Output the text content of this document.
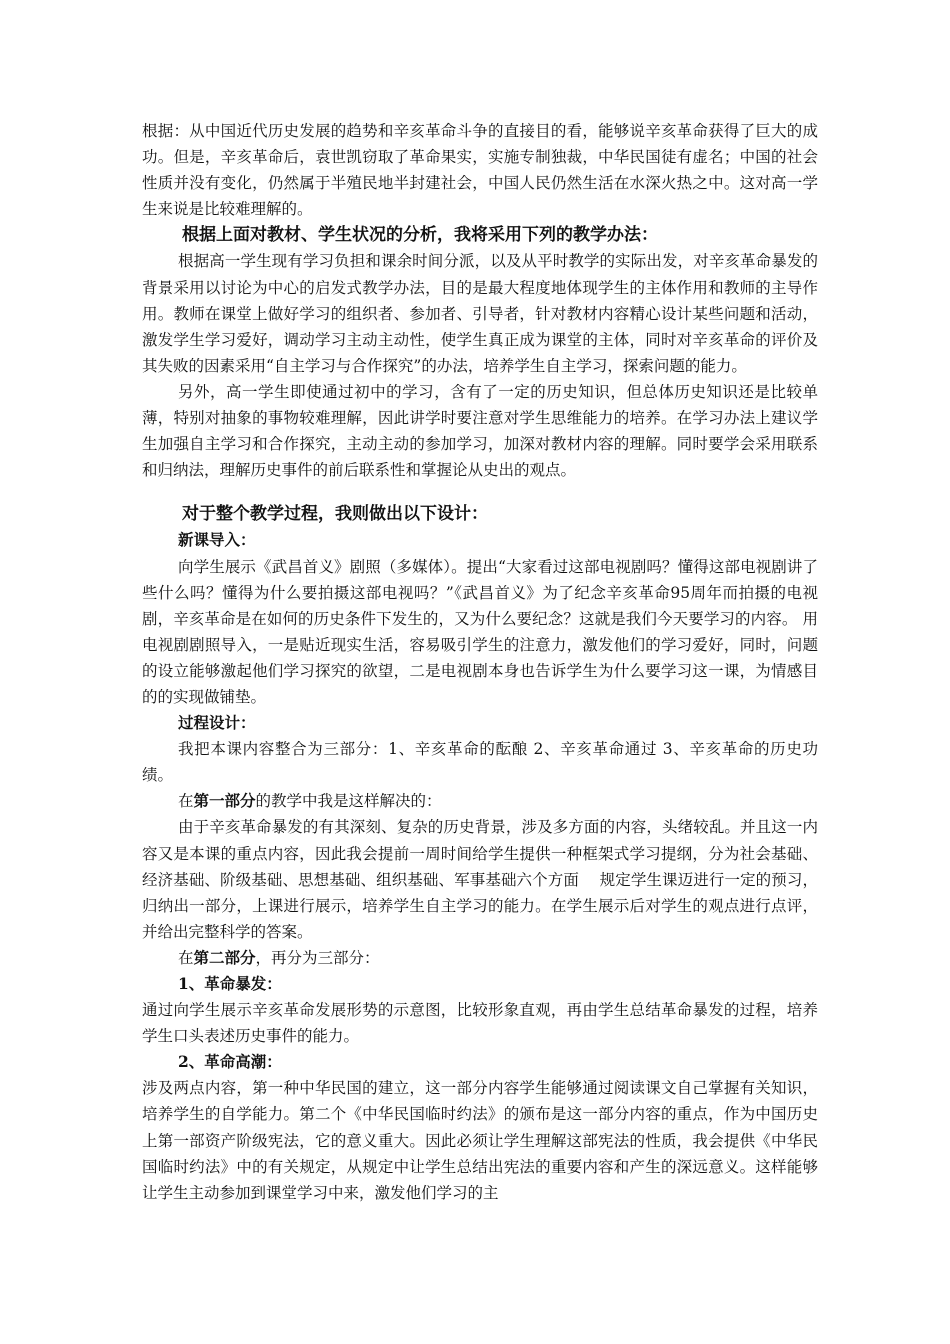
根据：从中国近代历史发展的趋势和辛亥革命斗争的直接目的看，能够说辛亥革命获得了巨大的成功。但是，辛亥革命后，袁世凯窃取了革命果实，实施专制独裁，中华民国徒有虚名；中国的社会性质并没有变化，仍然属于半殖民地半封建社会，中国人民仍然生活在水深火热之中。这对高一学生来说是比较难理解的。

根据上面对教材、学生状况的分析，我将采用下列的教学办法：

根据高一学生现有学习负担和课余时间分派，以及从平时教学的实际出发，对辛亥革命暴发的背景采用以讨论为中心的启发式教学办法，目的是最大程度地体现学生的主体作用和教师的主导作用。教师在课堂上做好学习的组织者、参加者、引导者，针对教材内容精心设计某些问题和活动，激发学生学习爱好，调动学习主动主动性，使学生真正成为课堂的主体，同时对辛亥革命的评价及其失败的因素采用“自主学习与合作探究”的办法，培养学生自主学习，探索问题的能力。

另外，高一学生即使通过初中的学习，含有了一定的历史知识，但总体历史知识还是比较单薄，特别对抽象的事物较难理解，因此讲学时要注意对学生思维能力的培养。在学习办法上建议学生加强自主学习和合作探究，主动主动的参加学习，加深对教材内容的理解。同时要学会采用联系和归纳法，理解历史事件的前后联系性和掌握论从史出的观点。

对于整个教学过程，我则做出以下设计：

新课导入：

向学生展示《武昌首义》剧照（多媒体）。提出“大家看过这部电视剧吗？懂得这部电视剧讲了些什么吗？懂得为什么要拍摄这部电视吗？”《武昌首义》为了纪念辛亥革命95周年而拍摄的电视剧，辛亥革命是在如何的历史条件下发生的，又为什么要纪念？这就是我们今天要学习的内容。 用电视剧剧照导入，一是贴近现实生活，容易吸引学生的注意力，激发他们的学习爱好，同时，问题的设立能够激起他们学习探究的欲望，二是电视剧本身也告诉学生为什么要学习这一课，为情感目的的实现做铺垫。

过程设计：

我把本课内容整合为三部分：1、辛亥革命的酝酿 2、辛亥革命通过 3、辛亥革命的历史功绩。

在第一部分的教学中我是这样解决的：

由于辛亥革命暴发的有其深刻、复杂的历史背景，涉及多方面的内容，头绪较乱。并且这一内容又是本课的重点内容，因此我会提前一周时间给学生提供一种框架式学习提纲，分为社会基础、经济基础、阶级基础、思想基础、组织基础、军事基础六个方面　 规定学生课迈进行一定的预习，归纳出一部分，上课进行展示，培养学生自主学习的能力。在学生展示后对学生的观点进行点评，并给出完整科学的答案。

在第二部分，再分为三部分：

1、革命暴发：

通过向学生展示辛亥革命发展形势的示意图，比较形象直观，再由学生总结革命暴发的过程，培养学生口头表述历史事件的能力。

2、革命高潮：

涉及两点内容，第一种中华民国的建立，这一部分内容学生能够通过阅读课文自己掌握有关知识，培养学生的自学能力。第二个《中华民国临时约法》的颁布是这一部分内容的重点，作为中国历史上第一部资产阶级宪法，它的意义重大。因此必须让学生理解这部宪法的性质，我会提供《中华民国临时约法》中的有关规定，从规定中让学生总结出宪法的重要内容和产生的深远意义。这样能够让学生主动参加到课堂学习中来，激发他们学习的主
